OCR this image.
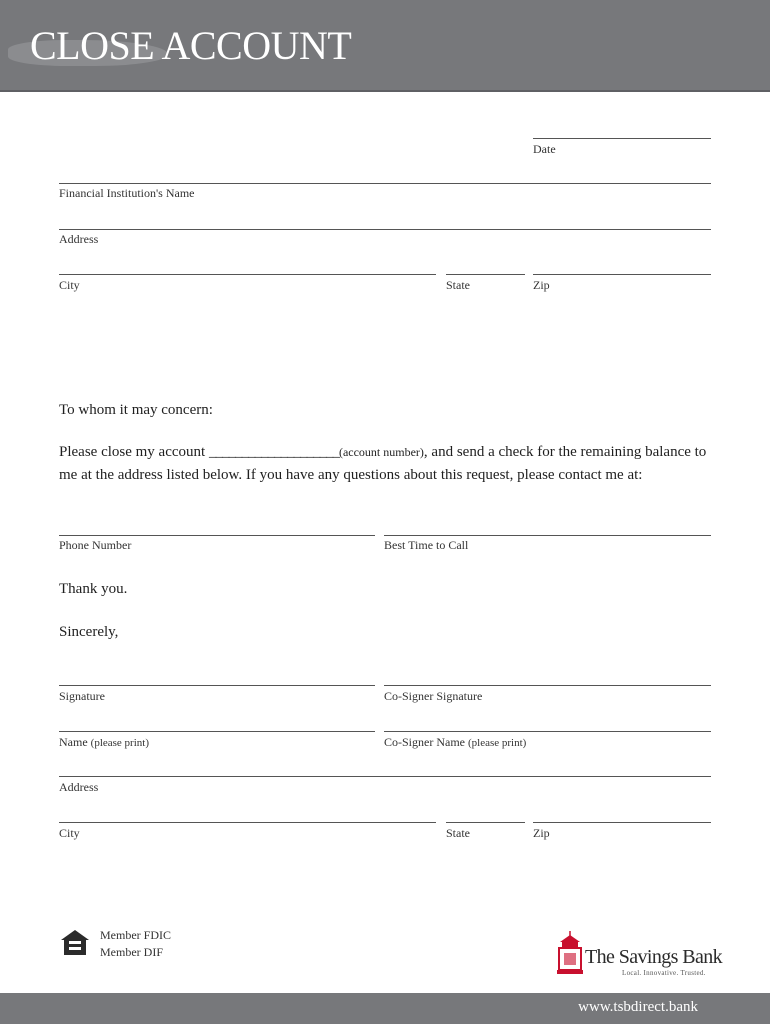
CLOSE ACCOUNT
Date
Financial Institution's Name
Address
City	State	Zip
To whom it may concern:
Please close my account ____________________(account number), and send a check for the remaining balance to me at the address listed below. If you have any questions about this request, please contact me at:
Phone Number	Best Time to Call
Thank you.
Sincerely,
Signature	Co-Signer Signature
Name (please print)	Co-Signer Name (please print)
Address
City	State	Zip
Member FDIC
Member DIF	The Savings Bank
Local. Innovative. Trusted.
www.tsbdirect.bank
